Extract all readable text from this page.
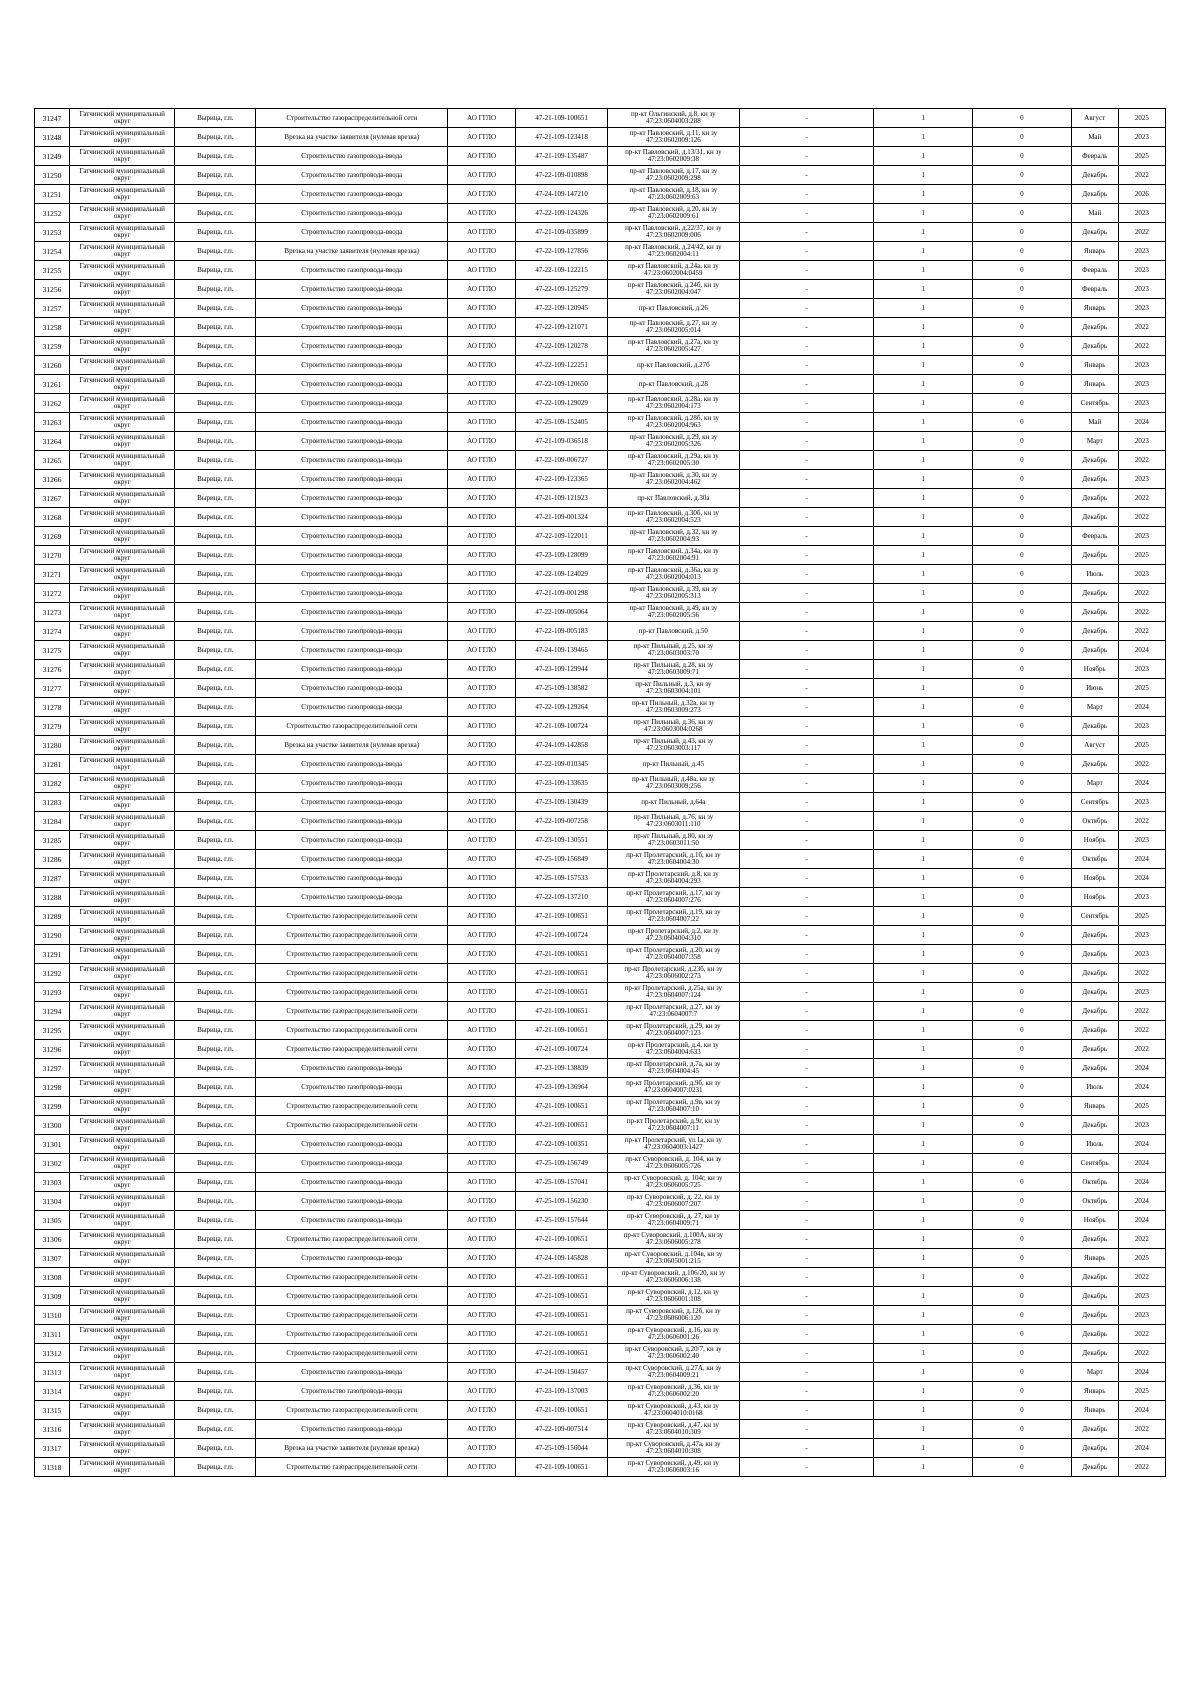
31247	Гатчинский муниципальный округ	Вырица, г.п.	Строительство газораспределительной сети	АО ГГЛО	47-21-109-100651	пр-кт Ольгинский, д.8, кн зу 47:23:0604003:288	-	1	0	Август	2025
31248	Гатчинский муниципальный округ	Вырица, г.п.	Врезка на участке заявителя (нулевая врезка)	АО ГГЛО	47-21-109-123418	пр-кт Павловский, д.11, кн зу 47:23:0602009:126	-	1	0	Май	2023
31249	Гатчинский муниципальный округ	Вырица, г.п.	Строительство газопровода-ввода	АО ГГЛО	47-21-109-135487	пр-кт Павловский, д.13/31, кн зу 47:23:0602009:38	-	1	0	Февраль	2025
31250	Гатчинский муниципальный округ	Вырица, г.п.	Строительство газопровода-ввода	АО ГГЛО	47-22-109-010898	пр-кт Павловский, д.17, кн зу 47:23:0602009:298	-	1	0	Декабрь	2022
31251	Гатчинский муниципальный округ	Вырица, г.п.	Строительство газопровода-ввода	АО ГГЛО	47-24-109-147210	пр-кт Павловский, д.18, кн зу 47:23:0602009:63	-	1	0	Декабрь	2026
31252	Гатчинский муниципальный округ	Вырица, г.п.	Строительство газопровода-ввода	АО ГГЛО	47-22-109-124326	пр-кт Павловский, д.20, кн зу 47:23:0602009:61	-	1	0	Май	2023
31253	Гатчинский муниципальный округ	Вырица, г.п.	Строительство газопровода-ввода	АО ГГЛО	47-21-109-035899	пр-кт Павловский, д.22/37, кн зу 47:23:0602009:006	-	1	0	Декабрь	2022
31254	Гатчинский муниципальный округ	Вырица, г.п.	Врезка на участке заявителя (нулевая врезка)	АО ГГЛО	47-22-109-127856	пр-кт Павловский, д.24/42, кн зу 47:23:0602004:11	-	1	0	Январь	2023
31255	Гатчинский муниципальный округ	Вырица, г.п.	Строительство газопровода-ввода	АО ГГЛО	47-22-109-122215	пр-кт Павловский, д.24а, кн зу 47:23:0602004:0459	-	1	0	Февраль	2023
31256	Гатчинский муниципальный округ	Вырица, г.п.	Строительство газопровода-ввода	АО ГГЛО	47-22-109-125279	пр-кт Павловский, д.24б, кн зу 47:23:0602004:047	-	1	0	Февраль	2023
31257	Гатчинский муниципальный округ	Вырица, г.п.	Строительство газопровода-ввода	АО ГГЛО	47-22-109-120945	пр-кт Павловский, д.26	-	1	0	Январь	2023
31258	Гатчинский муниципальный округ	Вырица, г.п.	Строительство газопровода-ввода	АО ГГЛО	47-22-109-121071	пр-кт Павловский, д.27, кн зу 47:23:0602005:014	-	1	0	Декабрь	2022
31259	Гатчинский муниципальный округ	Вырица, г.п.	Строительство газопровода-ввода	АО ГГЛО	47-22-109-120278	пр-кт Павловский, д.27а, кн зу 47:23:0602005:427	-	1	0	Декабрь	2022
31260	Гатчинский муниципальный округ	Вырица, г.п.	Строительство газопровода-ввода	АО ГГЛО	47-22-109-122251	пр-кт Павловский, д.27б	-	1	0	Январь	2023
31261	Гатчинский муниципальный округ	Вырица, г.п.	Строительство газопровода-ввода	АО ГГЛО	47-22-109-120650	пр-кт Павловский, д.28	-	1	0	Январь	2023
31262	Гатчинский муниципальный округ	Вырица, г.п.	Строительство газопровода-ввода	АО ГГЛО	47-22-109-129029	пр-кт Павловский, д.28а, кн зу 47:23:0602004:173	-	1	0	Сентябрь	2023
31263	Гатчинский муниципальный округ	Вырица, г.п.	Строительство газопровода-ввода	АО ГГЛО	47-25-109-152405	пр-кт Павловский, д.28б, кн зу 47:23:0602004:963	-	1	0	Май	2024
31264	Гатчинский муниципальный округ	Вырица, г.п.	Строительство газопровода-ввода	АО ГГЛО	47-21-109-036518	пр-кт Павловский, д.29, кн зу 47:23:0602005:326	-	1	0	Март	2023
31265	Гатчинский муниципальный округ	Вырица, г.п.	Строительство газопровода-ввода	АО ГГЛО	47-22-109-006727	пр-кт Павловский, д.29а, кн зу 47:23:0602005:30	-	1	0	Декабрь	2022
31266	Гатчинский муниципальный округ	Вырица, г.п.	Строительство газопровода-ввода	АО ГГЛО	47-22-109-123365	пр-кт Павловский, д.30, кн зу 47:23:0602004:462	-	1	0	Декабрь	2023
31267	Гатчинский муниципальный округ	Вырица, г.п.	Строительство газопровода-ввода	АО ГГЛО	47-21-109-121923	пр-кт Павловский, д.30а	-	1	0	Декабрь	2022
31268	Гатчинский муниципальный округ	Вырица, г.п.	Строительство газопровода-ввода	АО ГГЛО	47-21-109-001324	пр-кт Павловский, д.30б, кн зу 47:23:0602004:523	-	1	0	Декабрь	2022
31269	Гатчинский муниципальный округ	Вырица, г.п.	Строительство газопровода-ввода	АО ГГЛО	47-22-109-122011	пр-кт Павловский, д.32, кн зу 47:23:0602004:93	-	1	0	Февраль	2023
31270	Гатчинский муниципальный округ	Вырица, г.п.	Строительство газопровода-ввода	АО ГГЛО	47-23-109-128099	пр-кт Павловский, д.34а, кн зу 47:23:0602004:91	-	1	0	Декабрь	2025
31271	Гатчинский муниципальный округ	Вырица, г.п.	Строительство газопровода-ввода	АО ГГЛО	47-22-109-124029	пр-кт Павловский, д.36а, кн зу 47:23:0602004:013	-	1	0	Июль	2023
31272	Гатчинский муниципальный округ	Вырица, г.п.	Строительство газопровода-ввода	АО ГГЛО	47-21-109-001298	пр-кт Павловский, д.39, кн зу 47:23:0602005:313	-	1	0	Декабрь	2022
31273	Гатчинский муниципальный округ	Вырица, г.п.	Строительство газопровода-ввода	АО ГГЛО	47-22-109-005064	пр-кт Павловский, д.49, кн зу 47:23:0602005:56	-	1	0	Декабрь	2022
31274	Гатчинский муниципальный округ	Вырица, г.п.	Строительство газопровода-ввода	АО ГГЛО	47-22-109-005183	пр-кт Павловский, д.50	-	1	0	Декабрь	2022
31275	Гатчинский муниципальный округ	Вырица, г.п.	Строительство газопровода-ввода	АО ГГЛО	47-24-109-139465	пр-кт Пильный, д.25, кн зу 47:23:0603003:70	-	1	0	Декабрь	2024
31276	Гатчинский муниципальный округ	Вырица, г.п.	Строительство газопровода-ввода	АО ГГЛО	47-23-109-129944	пр-кт Пильный, д.28, кн зу 47:23:0603009:71	-	1	0	Ноябрь	2023
31277	Гатчинский муниципальный округ	Вырица, г.п.	Строительство газопровода-ввода	АО ГГЛО	47-25-109-138582	пр-кт Пильный, д.3, кн зу 47:23:0603004:101	-	1	0	Июнь	2025
31278	Гатчинский муниципальный округ	Вырица, г.п.	Строительство газопровода-ввода	АО ГГЛО	47-22-109-129264	пр-кт Пильный, д.32а, кн зу 47:23:0603009:273	-	1	0	Март	2024
31279	Гатчинский муниципальный округ	Вырица, г.п.	Строительство газораспределительной сети	АО ГГЛО	47-21-109-100724	пр-кт Пильный, д.36, кн зу 47:23:0603004:0268	-	1	0	Декабрь	2023
31280	Гатчинский муниципальный округ	Вырица, г.п.	Врезка на участке заявителя (нулевая врезка)	АО ГГЛО	47-24-109-142858	пр-кт Пильный, д.43, кн зу 47:23:0603003:117	-	1	0	Август	2025
31281	Гатчинский муниципальный округ	Вырица, г.п.	Строительство газопровода-ввода	АО ГГЛО	47-22-109-010345	пр-кт Пильный, д.45	-	1	0	Декабрь	2022
31282	Гатчинский муниципальный округ	Вырица, г.п.	Строительство газопровода-ввода	АО ГГЛО	47-23-109-133635	пр-кт Пильный, д.48а, кн зу 47:23:0603009:256	-	1	0	Март	2024
31283	Гатчинский муниципальный округ	Вырица, г.п.	Строительство газопровода-ввода	АО ГГЛО	47-23-109-130439	пр-кт Пильный, д.64а	-	1	0	Сентябрь	2023
31284	Гатчинский муниципальный округ	Вырица, г.п.	Строительство газопровода-ввода	АО ГГЛО	47-22-109-007258	пр-кт Пильный, д.76, кн зу 47:23:0603011:110	-	1	0	Октябрь	2022
31285	Гатчинский муниципальный округ	Вырица, г.п.	Строительство газопровода-ввода	АО ГГЛО	47-23-109-130551	пр-кт Пильный, д.80, кн зу 47:23:0603011:50	-	1	0	Ноябрь	2023
31286	Гатчинский муниципальный округ	Вырица, г.п.	Строительство газопровода-ввода	АО ГГЛО	47-25-109-156849	пр-кт Пролетарский, д.1б, кн зу 47:23:0604004:30	-	1	0	Октябрь	2024
31287	Гатчинский муниципальный округ	Вырица, г.п.	Строительство газопровода-ввода	АО ГГЛО	47-25-109-157533	пр-кт Пролетарский, д.8, кн зу 47:23:0604004:293	-	1	0	Ноябрь	2024
31288	Гатчинский муниципальный округ	Вырица, г.п.	Строительство газопровода-ввода	АО ГГЛО	47-22-109-137210	пр-кт Пролетарский, д.17, кн зу 47:23:0604007:276	-	1	0	Ноябрь	2023
31289	Гатчинский муниципальный округ	Вырица, г.п.	Строительство газораспределительной сети	АО ГГЛО	47-21-109-100651	пр-кт Пролетарский, д.19, кн зу 47:23:0604007:22	-	1	0	Сентябрь	2025
31290	Гатчинский муниципальный округ	Вырица, г.п.	Строительство газораспределительной сети	АО ГГЛО	47-21-109-100724	пр-кт Пролетарский, д.2, кн зу 47:23:0604004:310	-	1	0	Декабрь	2023
31291	Гатчинский муниципальный округ	Вырица, г.п.	Строительство газораспределительной сети	АО ГГЛО	47-21-109-100651	пр-кт Пролетарский, д.20, кн зу 47:23:0604007:358	-	1	0	Декабрь	2023
31292	Гатчинский муниципальный округ	Вырица, г.п.	Строительство газораспределительной сети	АО ГГЛО	47-21-109-100651	пр-кт Пролетарский, д.23б, кн зу 47:23:0606002:273	-	1	0	Декабрь	2022
31293	Гатчинский муниципальный округ	Вырица, г.п.	Строительство газораспределительной сети	АО ГГЛО	47-21-109-100651	пр-кт Пролетарский, д.25а, кн зу 47:23:0604007:124	-	1	0	Декабрь	2023
31294	Гатчинский муниципальный округ	Вырица, г.п.	Строительство газораспределительной сети	АО ГГЛО	47-21-109-100651	пр-кт Пролетарский, д.27, кн зу 47:23:0604007:7	-	1	0	Декабрь	2022
31295	Гатчинский муниципальный округ	Вырица, г.п.	Строительство газораспределительной сети	АО ГГЛО	47-21-109-100651	пр-кт Пролетарский, д.29, кн зу 47:23:0604007:123	-	1	0	Декабрь	2022
31296	Гатчинский муниципальный округ	Вырица, г.п.	Строительство газораспределительной сети	АО ГГЛО	47-21-109-100724	пр-кт Пролетарский, д.4, кн зу 47:23:0604004:633	-	1	0	Декабрь	2022
31297	Гатчинский муниципальный округ	Вырица, г.п.	Строительство газопровода-ввода	АО ГГЛО	47-23-109-138839	пр-кт Пролетарский, д.7а, кн зу 47:23:0604004:45	-	1	0	Декабрь	2024
31298	Гатчинский муниципальный округ	Вырица, г.п.	Строительство газопровода-ввода	АО ГГЛО	47-23-109-136964	пр-кт Пролетарский, д.9б, кн зу 47:23:0604007:0231	-	1	0	Июль	2024
31299	Гатчинский муниципальный округ	Вырица, г.п.	Строительство газораспределительной сети	АО ГГЛО	47-21-109-100651	пр-кт Пролетарский, д.9в, кн зу 47:23:0604007:10	-	1	0	Январь	2025
31300	Гатчинский муниципальный округ	Вырица, г.п.	Строительство газораспределительной сети	АО ГГЛО	47-21-109-100651	пр-кт Пролетарский, д.9г, кн зу 47:23:0604007:11	-	1	0	Декабрь	2023
31301	Гатчинский муниципальный округ	Вырица, г.п.	Строительство газопровода-ввода	АО ГГЛО	47-22-109-100351	пр-кт Пролетарский, ул.1а, кн зу 47:23:0604003:1427	-	1	0	Июль	2024
31302	Гатчинский муниципальный округ	Вырица, г.п.	Строительство газопровода-ввода	АО ГГЛО	47-25-109-156749	пр-кт Суворовский, д. 104, кн зу 47:23:0606005:726	-	1	0	Сентябрь	2024
31303	Гатчинский муниципальный округ	Вырица, г.п.	Строительство газопровода-ввода	АО ГГЛО	47-25-109-157041	пр-кт Суворовский, д. 104г, кн зу 47:23:0606005:725	-	1	0	Октябрь	2024
31304	Гатчинский муниципальный округ	Вырица, г.п.	Строительство газопровода-ввода	АО ГГЛО	47-25-109-156230	пр-кт Суворовский, д. 22, кн зу 47:23:0606007:207	-	1	0	Октябрь	2024
31305	Гатчинский муниципальный округ	Вырица, г.п.	Строительство газопровода-ввода	АО ГГЛО	47-25-109-157644	пр-кт Суворовский, д. 27, кн зу 47:23:0604009:71	-	1	0	Ноябрь	2024
31306	Гатчинский муниципальный округ	Вырица, г.п.	Строительство газораспределительной сети	АО ГГЛО	47-21-109-100651	пр-кт Суворовский, д.100А, кн зу 47:23:0606005:278	-	1	0	Декабрь	2022
31307	Гатчинский муниципальный округ	Вырица, г.п.	Строительство газопровода-ввода	АО ГГЛО	47-24-109-145828	пр-кт Суворовский, д.104в, кн зу 47:23:0605001:215	-	1	0	Январь	2025
31308	Гатчинский муниципальный округ	Вырица, г.п.	Строительство газораспределительной сети	АО ГГЛО	47-21-109-100651	пр-кт Суворовский, д.106/20, кн зу 47:23:0606006:138	-	1	0	Декабрь	2022
31309	Гатчинский муниципальный округ	Вырица, г.п.	Строительство газораспределительной сети	АО ГГЛО	47-21-109-100651	пр-кт Суворовский, д.12, кн зу 47:23:0606001:108	-	1	0	Декабрь	2023
31310	Гатчинский муниципальный округ	Вырица, г.п.	Строительство газораспределительной сети	АО ГГЛО	47-21-109-100651	пр-кт Суворовский, д.12б, кн зу 47:23:0606006:120	-	1	0	Декабрь	2023
31311	Гатчинский муниципальный округ	Вырица, г.п.	Строительство газораспределительной сети	АО ГГЛО	47-21-109-100651	пр-кт Суворовский, д.16, кн зу 47:23:0606001:26	-	1	0	Декабрь	2022
31312	Гатчинский муниципальный округ	Вырица, г.п.	Строительство газораспределительной сети	АО ГГЛО	47-21-109-100651	пр-кт Суворовский, д.20/7, кн зу 47:23:0606002:40	-	1	0	Декабрь	2022
31313	Гатчинский муниципальный округ	Вырица, г.п.	Строительство газопровода-ввода	АО ГГЛО	47-24-109-150457	пр-кт Суворовский, д.27А, кн зу 47:23:0604009:21	-	1	0	Март	2024
31314	Гатчинский муниципальный округ	Вырица, г.п.	Строительство газопровода-ввода	АО ГГЛО	47-23-109-137003	пр-кт Суворовский, д.36, кн зу 47:23:0606002:20	-	1	0	Январь	2025
31315	Гатчинский муниципальный округ	Вырица, г.п.	Строительство газораспределительной сети	АО ГГЛО	47-21-109-100651	пр-кт Суворовский, д.43, кн зу 47:23:0604010:0168	-	1	0	Январь	2024
31316	Гатчинский муниципальный округ	Вырица, г.п.	Строительство газопровода-ввода	АО ГГЛО	47-22-109-007514	пр-кт Суворовский, д.47, кн зу 47:23:0604010:309	-	1	0	Декабрь	2022
31317	Гатчинский муниципальный округ	Вырица, г.п.	Врезка на участке заявителя (нулевая врезка)	АО ГГЛО	47-25-109-156044	пр-кт Суворовский, д.47а, кн зу 47:23:0604010:308	-	1	0	Декабрь	2024
31318	Гатчинский муниципальный округ	Вырица, г.п.	Строительство газораспределительной сети	АО ГГЛО	47-21-109-100651	пр-кт Суворовский, д.49, кн зу 47:23:0606003:16	-	1	0	Декабрь	2022
